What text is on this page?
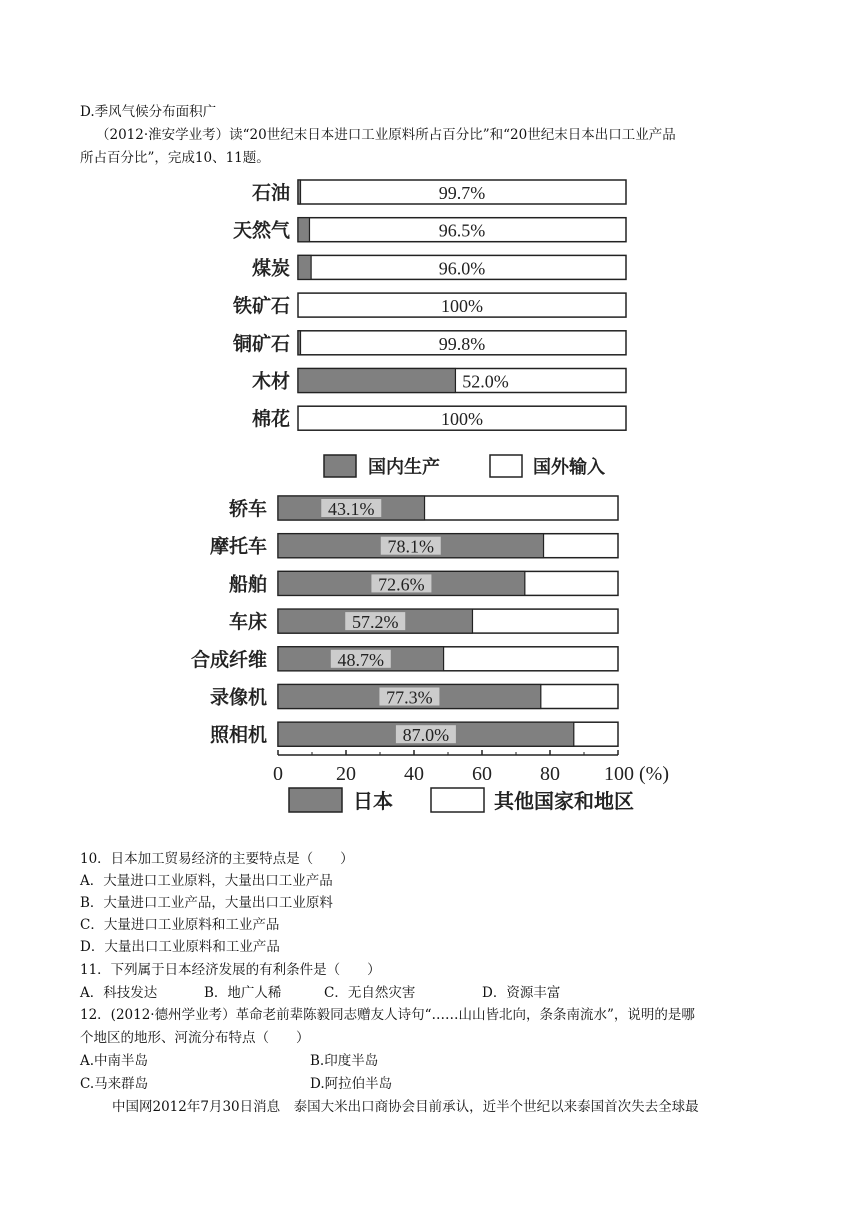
D.季风气候分布面积广
（2012·淮安学业考）读“20世纪末日本进口工业原料所占百分比”和“20世纪末日本出口工业产品
所占百分比”，完成10、11题。
石油	99.7%
天然气	96.5%
煤炭	96.0%
铁矿石	100%
铜矿石	99.8%
木材	52.0%
棉花	100%
国内生产	国外输入
轿车	43.1%
摩托车	78.1%
船舶	72.6%
车床	57.2%
合成纤维	48.7%
录像机	77.3%
照相机	87.0%
0	20 40 60 80 100 (%)
日本	其他国家和地区
10．日本加工贸易经济的主要特点是（　　）
A．大量进口工业原料，大量出口工业产品
B．大量进口工业产品，大量出口工业原料
C．大量进口工业原料和工业产品
D．大量出口工业原料和工业产品
11．下列属于日本经济发展的有利条件是（　　）
A．科技发达	B．地广人稀	C．无自然灾害	D．资源丰富
12．(2012·德州学业考）革命老前辈陈毅同志赠友人诗句“……山山皆北向，条条南流水”，说明的是哪
个地区的地形、河流分布特点（　　）
A.中南半岛	B.印度半岛
C.马来群岛	D.阿拉伯半岛
中国网2012年7月30日消息　泰国大米出口商协会目前承认，近半个世纪以来泰国首次失去全球最
